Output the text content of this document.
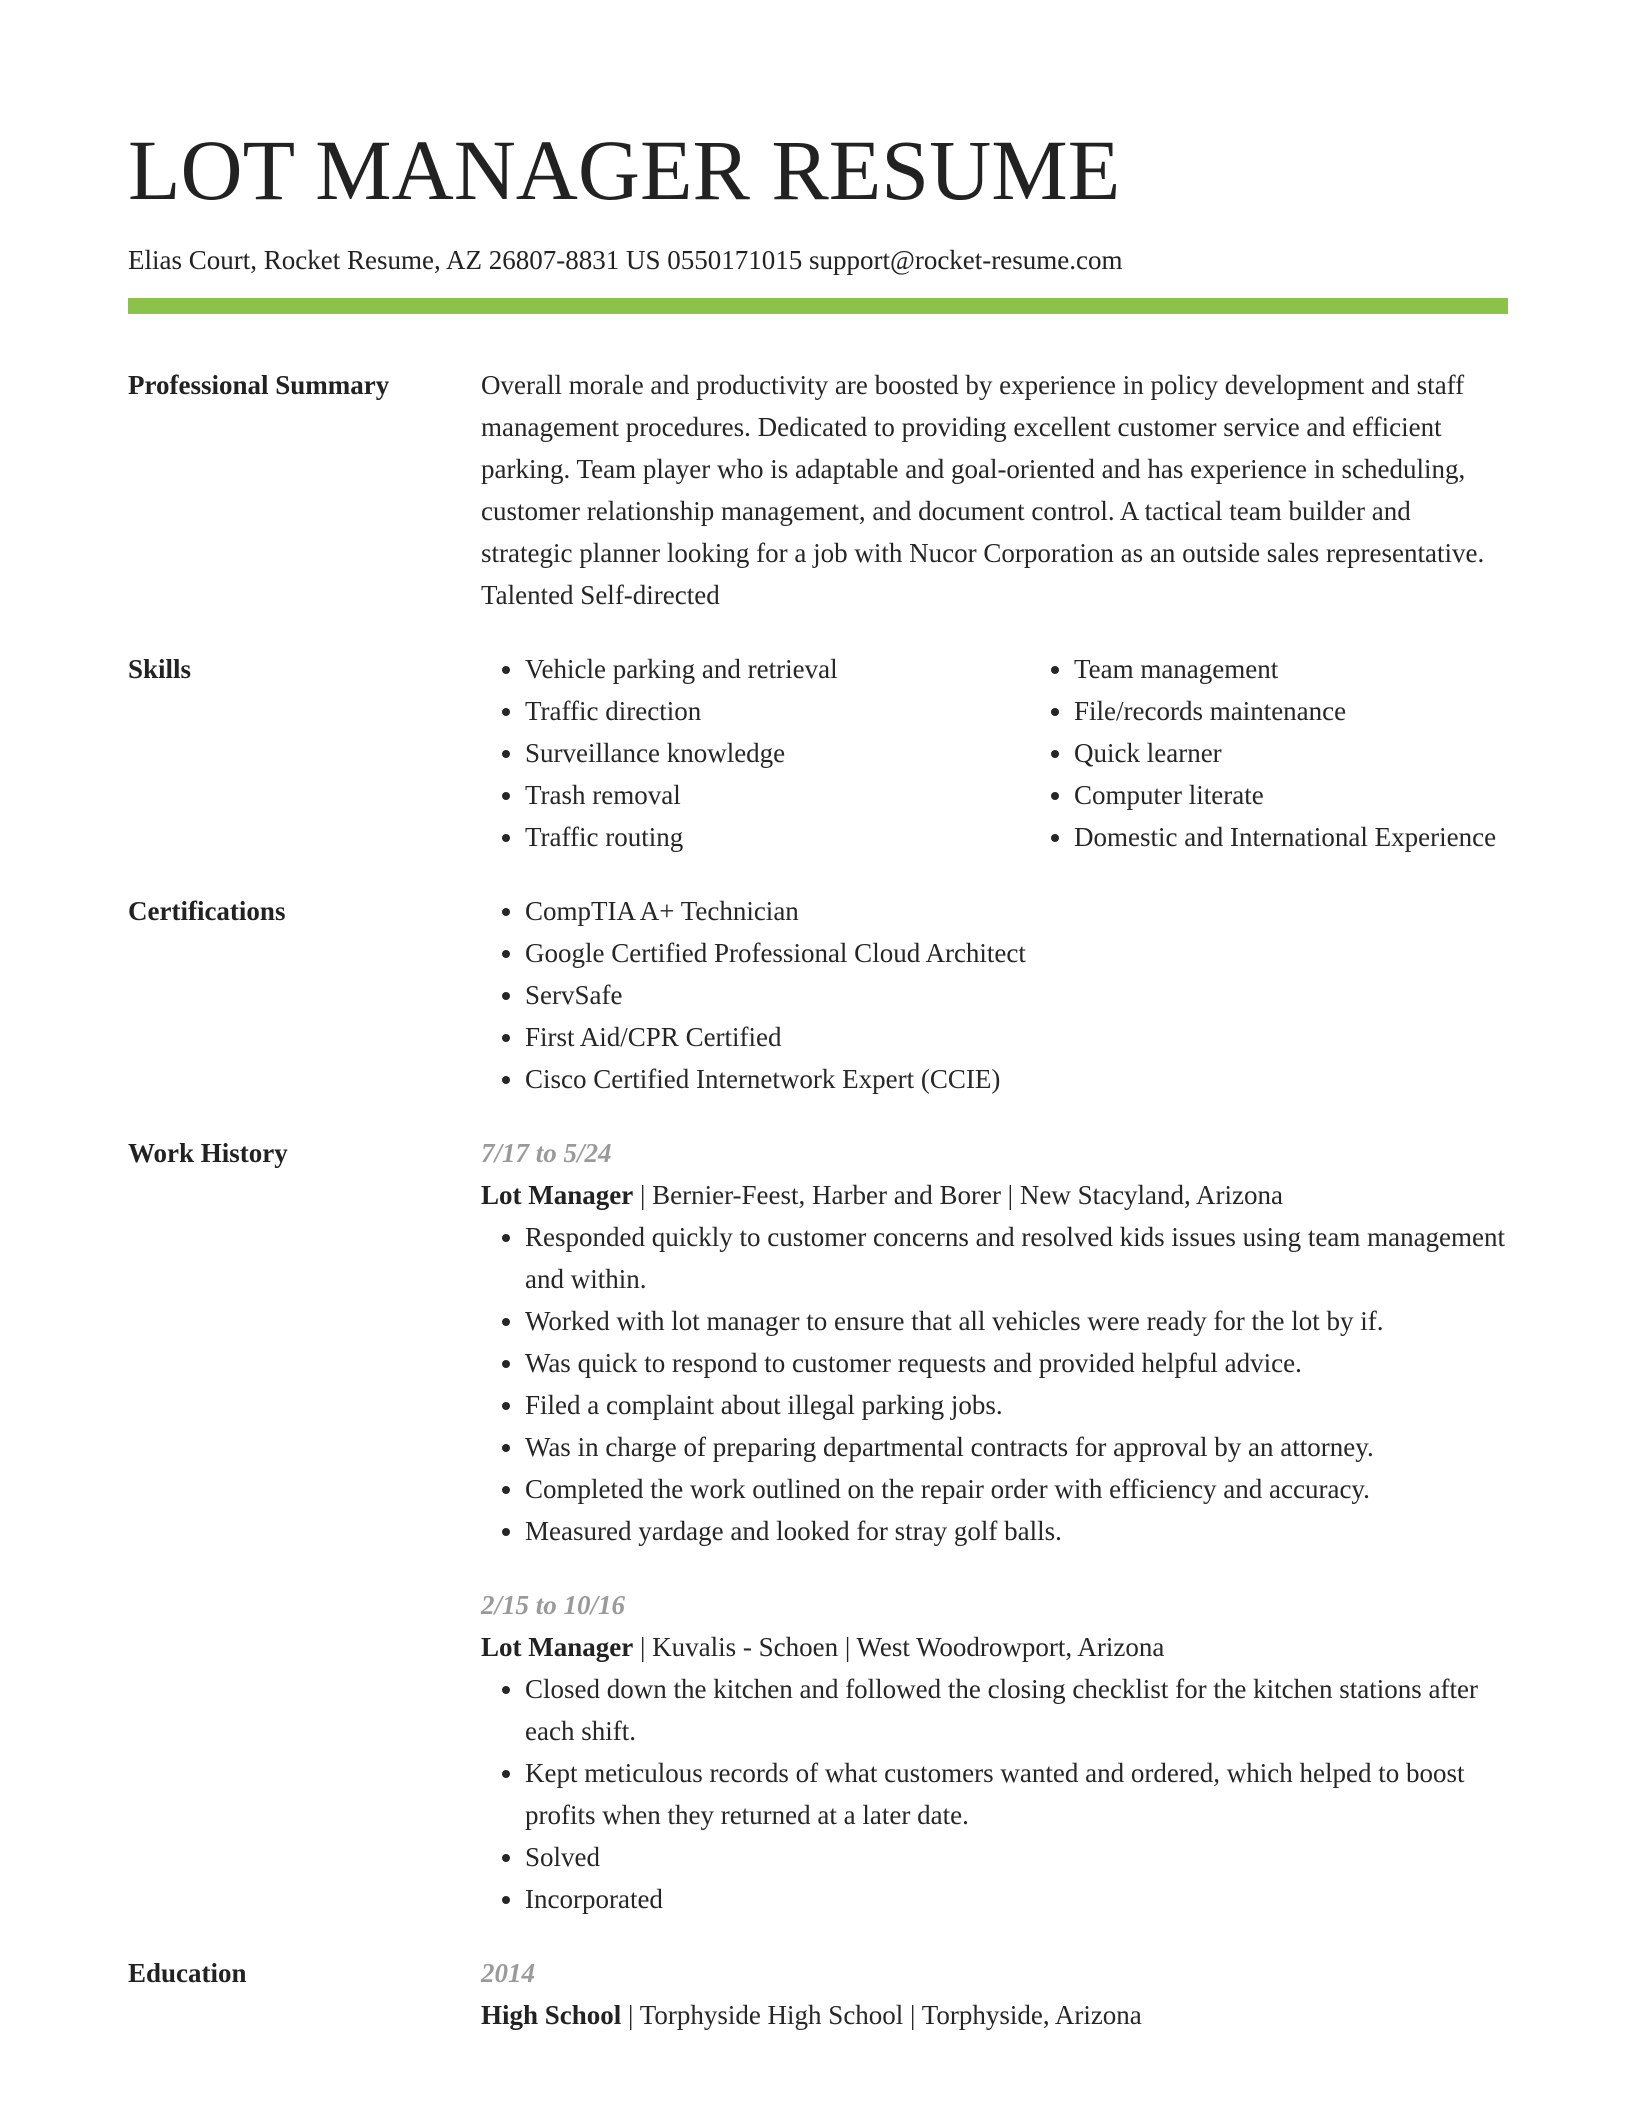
LOT MANAGER RESUME
Elias Court, Rocket Resume, AZ 26807-8831 US 0550171015 support@rocket-resume.com
Professional Summary	Overall morale and productivity are boosted by experience in policy development and staff management procedures. Dedicated to providing excellent customer service and efficient parking. Team player who is adaptable and goal-oriented and has experience in scheduling, customer relationship management, and document control. A tactical team builder and strategic planner looking for a job with Nucor Corporation as an outside sales representative. Talented Self-directed
Skills	• Vehicle parking and retrieval
• Traffic direction
• Surveillance knowledge
• Trash removal
• Traffic routing
• Team management
• File/records maintenance
• Quick learner
• Computer literate
• Domestic and International Experience
Certifications	• CompTIA A+ Technician
• Google Certified Professional Cloud Architect
• ServSafe
• First Aid/CPR Certified
• Cisco Certified Internetwork Expert (CCIE)
Work History	7/17 to 5/24
Lot Manager | Bernier-Feest, Harber and Borer | New Stacyland, Arizona
• Responded quickly to customer concerns and resolved kids issues using team management and within.
• Worked with lot manager to ensure that all vehicles were ready for the lot by if.
• Was quick to respond to customer requests and provided helpful advice.
• Filed a complaint about illegal parking jobs.
• Was in charge of preparing departmental contracts for approval by an attorney.
• Completed the work outlined on the repair order with efficiency and accuracy.
• Measured yardage and looked for stray golf balls.
2/15 to 10/16
Lot Manager | Kuvalis - Schoen | West Woodrowport, Arizona
• Closed down the kitchen and followed the closing checklist for the kitchen stations after each shift.
• Kept meticulous records of what customers wanted and ordered, which helped to boost profits when they returned at a later date.
• Solved
• Incorporated
Education	2014
High School | Torphyside High School | Torphyside, Arizona
